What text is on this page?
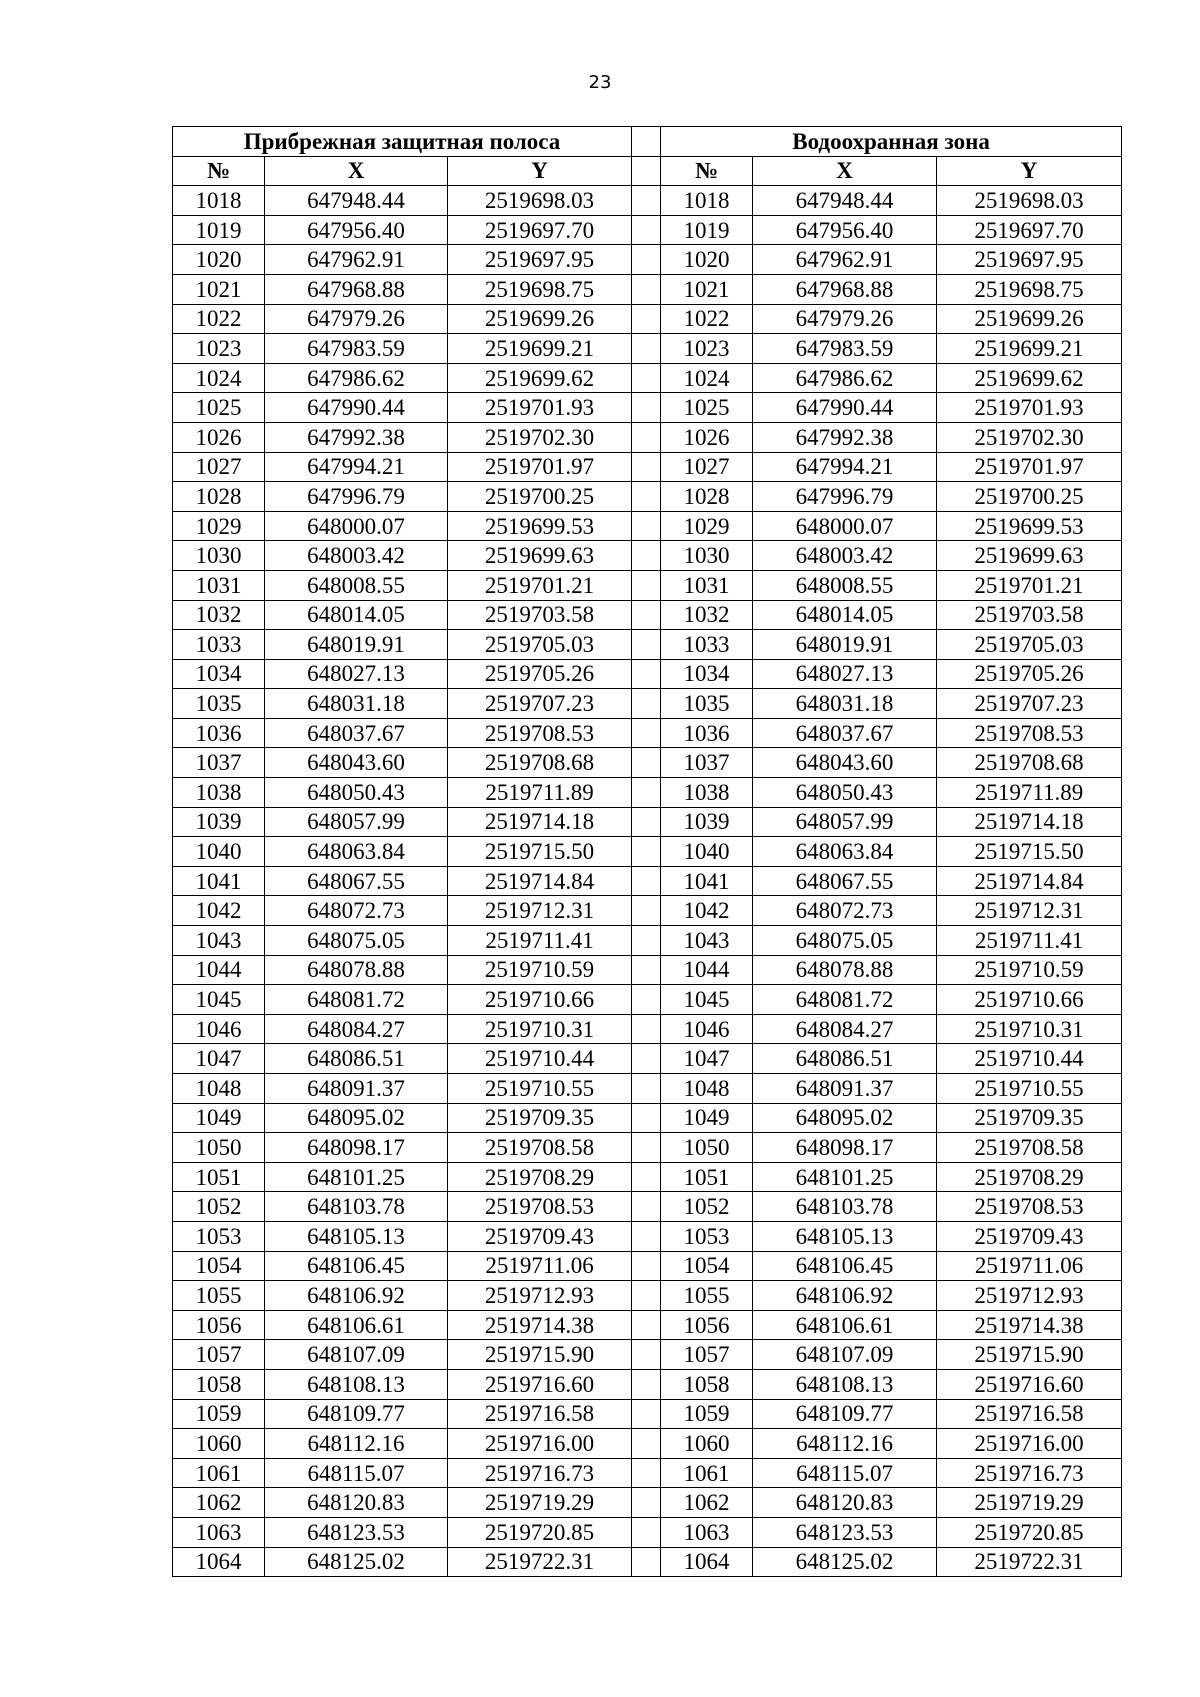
23
Прибрежная защитная полоса				Водоохранная зона		
№	X	Y		№	X	Y
1018	647948.44	2519698.03		1018	647948.44	2519698.03
1019	647956.40	2519697.70		1019	647956.40	2519697.70
1020	647962.91	2519697.95		1020	647962.91	2519697.95
1021	647968.88	2519698.75		1021	647968.88	2519698.75
1022	647979.26	2519699.26		1022	647979.26	2519699.26
1023	647983.59	2519699.21		1023	647983.59	2519699.21
1024	647986.62	2519699.62		1024	647986.62	2519699.62
1025	647990.44	2519701.93		1025	647990.44	2519701.93
1026	647992.38	2519702.30		1026	647992.38	2519702.30
1027	647994.21	2519701.97		1027	647994.21	2519701.97
1028	647996.79	2519700.25		1028	647996.79	2519700.25
1029	648000.07	2519699.53		1029	648000.07	2519699.53
1030	648003.42	2519699.63		1030	648003.42	2519699.63
1031	648008.55	2519701.21		1031	648008.55	2519701.21
1032	648014.05	2519703.58		1032	648014.05	2519703.58
1033	648019.91	2519705.03		1033	648019.91	2519705.03
1034	648027.13	2519705.26		1034	648027.13	2519705.26
1035	648031.18	2519707.23		1035	648031.18	2519707.23
1036	648037.67	2519708.53		1036	648037.67	2519708.53
1037	648043.60	2519708.68		1037	648043.60	2519708.68
1038	648050.43	2519711.89		1038	648050.43	2519711.89
1039	648057.99	2519714.18		1039	648057.99	2519714.18
1040	648063.84	2519715.50		1040	648063.84	2519715.50
1041	648067.55	2519714.84		1041	648067.55	2519714.84
1042	648072.73	2519712.31		1042	648072.73	2519712.31
1043	648075.05	2519711.41		1043	648075.05	2519711.41
1044	648078.88	2519710.59		1044	648078.88	2519710.59
1045	648081.72	2519710.66		1045	648081.72	2519710.66
1046	648084.27	2519710.31		1046	648084.27	2519710.31
1047	648086.51	2519710.44		1047	648086.51	2519710.44
1048	648091.37	2519710.55		1048	648091.37	2519710.55
1049	648095.02	2519709.35		1049	648095.02	2519709.35
1050	648098.17	2519708.58		1050	648098.17	2519708.58
1051	648101.25	2519708.29		1051	648101.25	2519708.29
1052	648103.78	2519708.53		1052	648103.78	2519708.53
1053	648105.13	2519709.43		1053	648105.13	2519709.43
1054	648106.45	2519711.06		1054	648106.45	2519711.06
1055	648106.92	2519712.93		1055	648106.92	2519712.93
1056	648106.61	2519714.38		1056	648106.61	2519714.38
1057	648107.09	2519715.90		1057	648107.09	2519715.90
1058	648108.13	2519716.60		1058	648108.13	2519716.60
1059	648109.77	2519716.58		1059	648109.77	2519716.58
1060	648112.16	2519716.00		1060	648112.16	2519716.00
1061	648115.07	2519716.73		1061	648115.07	2519716.73
1062	648120.83	2519719.29		1062	648120.83	2519719.29
1063	648123.53	2519720.85		1063	648123.53	2519720.85
1064	648125.02	2519722.31		1064	648125.02	2519722.31
